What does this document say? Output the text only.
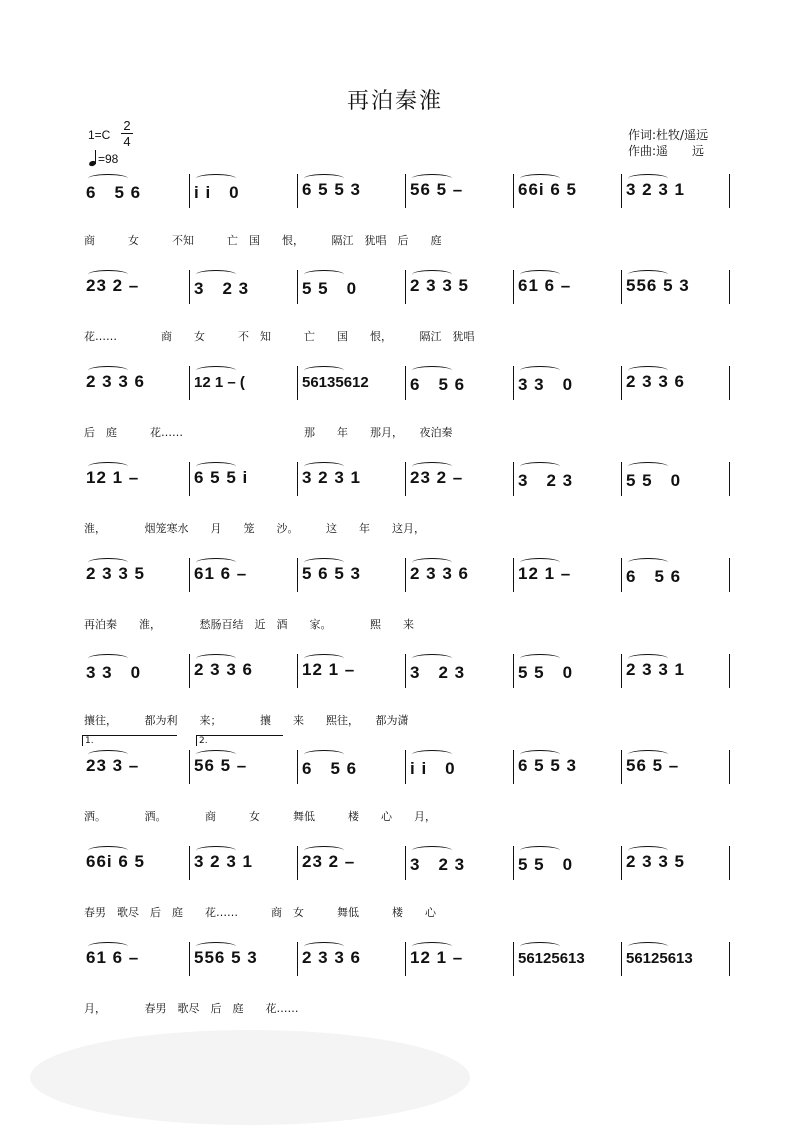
再泊秦淮
1=C
2
4
=98
作词:杜牧/遥远
作曲:遥　　远
6　5 6	i i　0	6 5 5 3	56 5 –	66i 6 5	3 2 3 1
商　　　女　　　不知　　　亡　国　　恨，　　　隔江　犹唱　后　　庭
23 2 –	3　2 3	5 5　0	2 3 3 5	61 6 –	556 5 3
花……　　　　商　　女　　　不　知　　　亡　　国　　恨，　　　隔江　犹唱
2 3 3 6	12 1 – (	56135612 6　5 6	3 3　0	2 3 3 6
后　庭　　　花……　　　　　　　　　　　那　　年　　那月，　　夜泊秦
12 1 –	6 5 5 i	3 2 3 1	23 2 –	3　2 3	5 5　0
淮，　　　　烟笼寒水　　月　　笼　　沙。　　　这　　年　　这月，
2 3 3 5	61 6 –	5 6 5 3	2 3 3 6	12 1 –	6　5 6
再泊秦　　淮，　　　　愁肠百结　近　酒　　家。　　　　熙　　来
3 3　0	2 3 3 6	12 1 –	3　2 3	5 5　0	2 3 3 1
攘往，　　　都为利　　来；　　　　攘　　来　　熙往，　　都为潇
23 3 –	56 5 –	6　5 6	i i　0	6 5 5 3	56 5 –
洒。　　　　洒。　　　　商　　　女　　　舞低　　　楼　　心　　月，
1.	2.
66i 6 5	3 2 3 1	23 2 –	3　2 3	5 5　0	2 3 3 5
春男　歌尽　后　庭　　花……　　　商　女　　　舞低　　　楼　　心
61 6 –	556 5 3	2 3 3 6	12 1 –	56125613	56125613
月，　　　　春男　歌尽　后　庭　　花……
